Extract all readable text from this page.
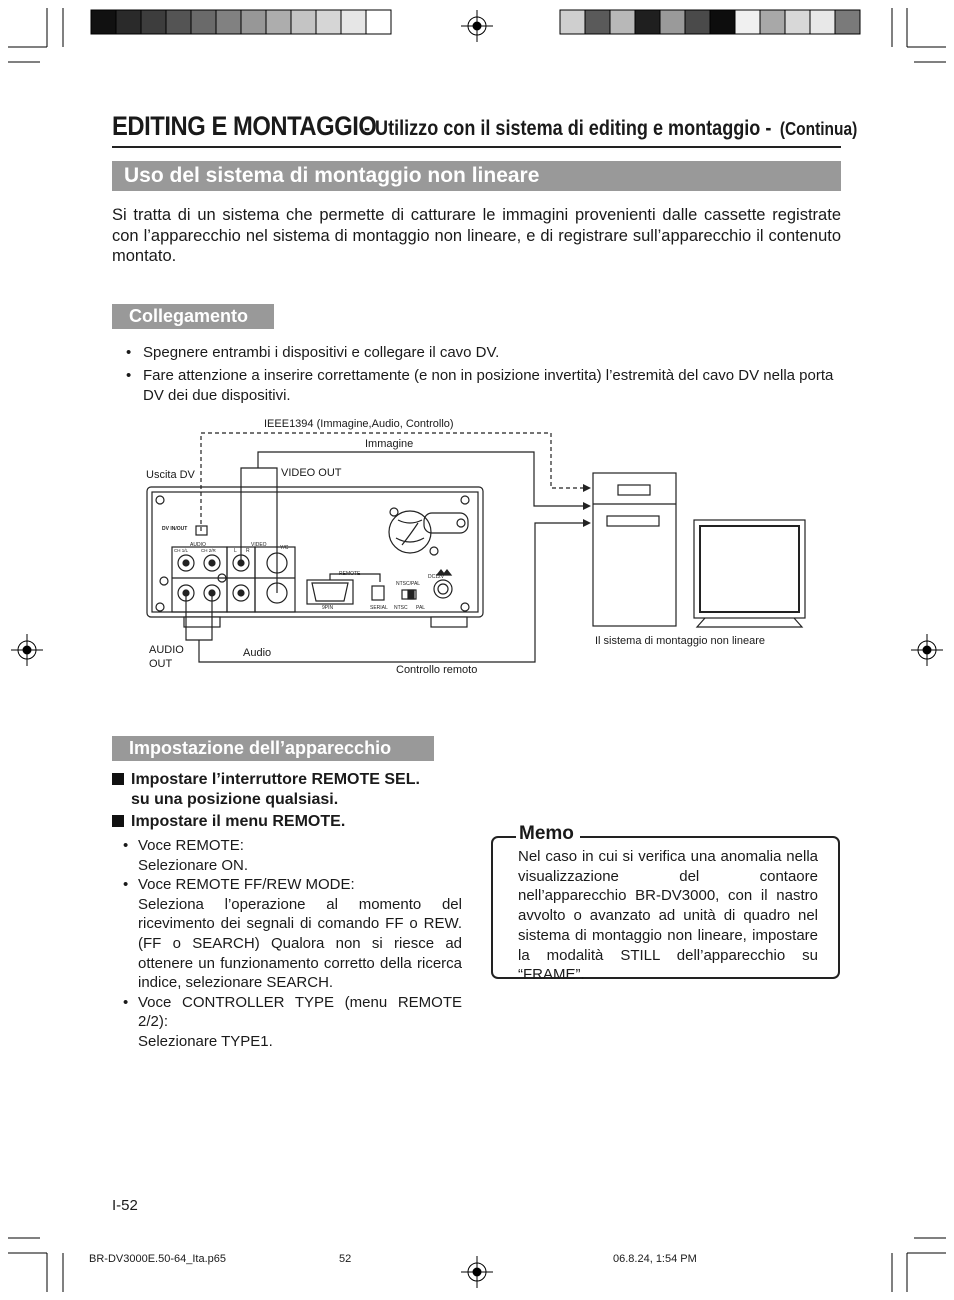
EDITING E MONTAGGIO
- Utilizzo con il sistema di editing e montaggio - (Continua)
Uso del sistema di montaggio non lineare
Si tratta di un sistema che permette di catturare le immagini provenienti dalle cassette registrate con l’apparecchio nel sistema di montaggio non lineare, e di registrare sull’apparecchio il contenuto montato.
Collegamento
• Spegnere entrambi i dispositivi e collegare il cavo DV.
• Fare attenzione a inserire correttamente (e non in posizione invertita) l’estremità del cavo DV nella porta DV dei due dispositivi.
IEEE1394 (Immagine,Audio, Controllo)
Immagine
Uscita DV	VIDEO OUT
AUDIO
OUT
Audio
Controllo remoto
Il sistema di montaggio non lineare
DV IN/OUT
AUDIO
CH 1/L	CH 2/R
VIDEO
L R	Y/C
REMOTE
9PIN	SERIAL
NTSC/PAL
NTSC PAL
DC12V
Impostazione dell’apparecchio
Impostare l’interruttore REMOTE SEL.
su una posizione qualsiasi.
Impostare il menu REMOTE.
• Voce REMOTE:
Selezionare ON.
• Voce REMOTE FF/REW MODE:
Seleziona l’operazione al momento del ricevimento dei segnali di comando FF o REW. (FF o SEARCH) Qualora non si riesce ad ottenere un funzionamento corretto della ricerca indice, selezionare SEARCH.
• Voce CONTROLLER TYPE (menu REMOTE 2/2):
Selezionare TYPE1.
Memo
Nel caso in cui si verifica una anomalia nella visualizzazione del contaore nell’apparecchio BR-DV3000, con il nastro avvolto o avanzato ad unità di quadro nel sistema di montaggio non lineare, impostare la modalità STILL dell’apparecchio su “FRAME”.
I-52
BR-DV3000E.50-64_Ita.p65	52	06.8.24, 1:54 PM
